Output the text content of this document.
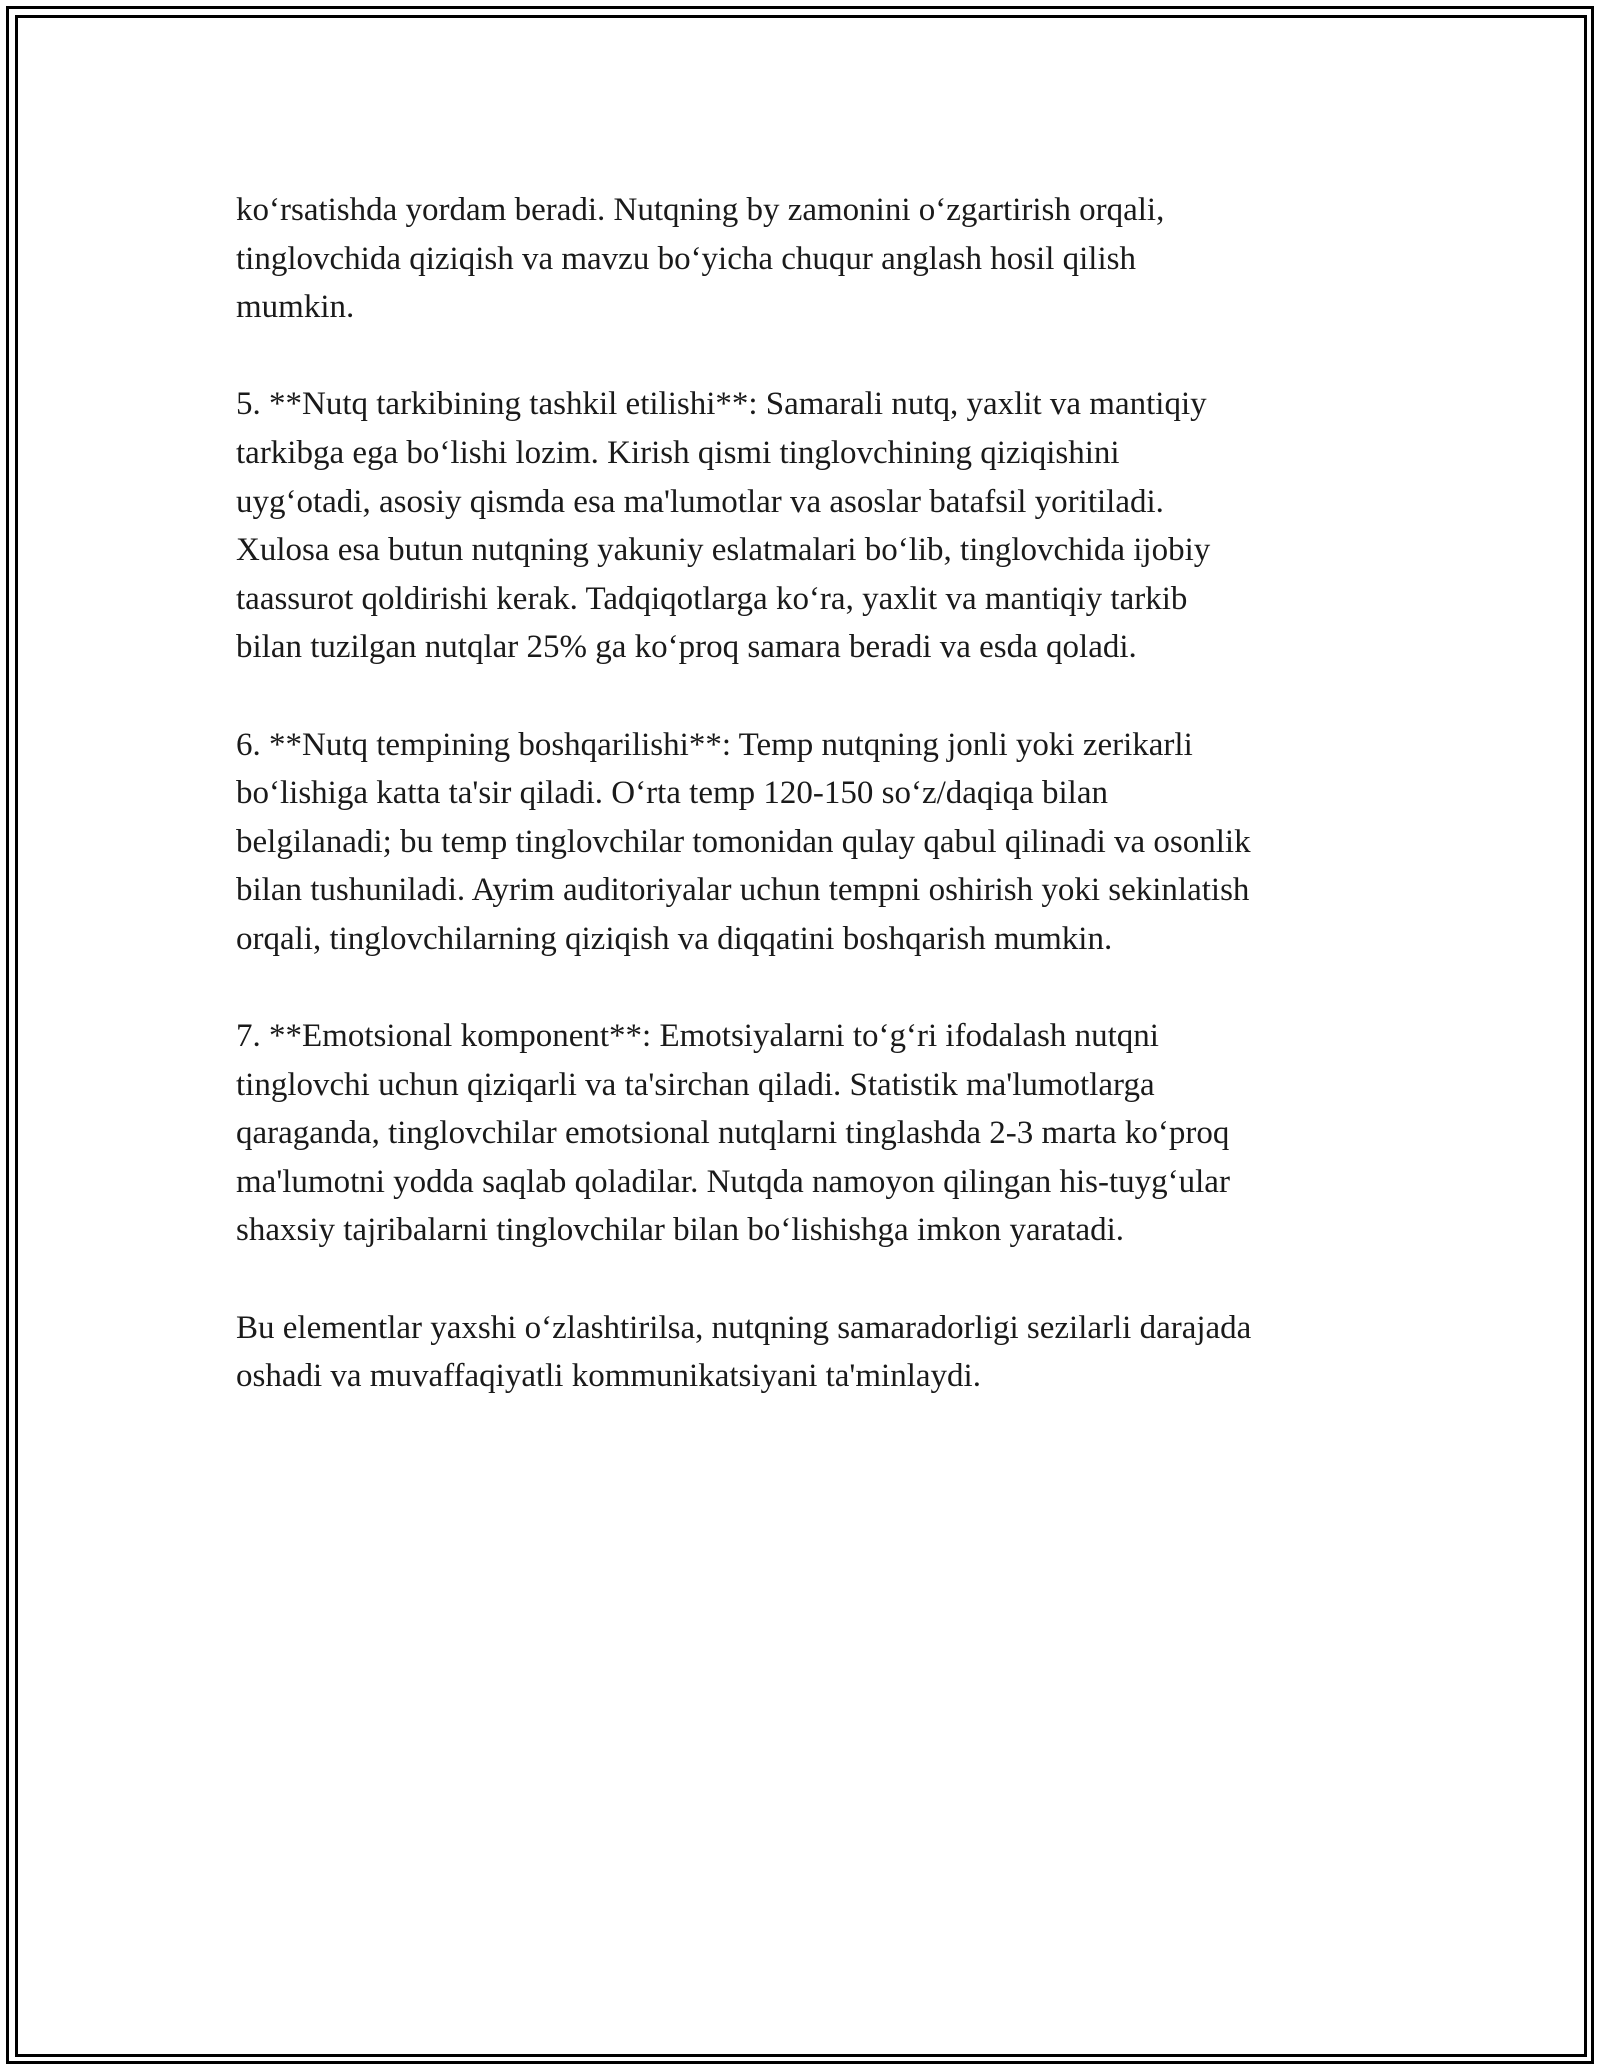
ko‘rsatishda yordam beradi. Nutqning by zamonini o‘zgartirish orqali,
tinglovchida qiziqish va mavzu bo‘yicha chuqur anglash hosil qilish
mumkin.

5. **Nutq tarkibining tashkil etilishi**: Samarali nutq, yaxlit va mantiqiy
tarkibga ega bo‘lishi lozim. Kirish qismi tinglovchining qiziqishini
uyg‘otadi, asosiy qismda esa ma'lumotlar va asoslar batafsil yoritiladi.
Xulosa esa butun nutqning yakuniy eslatmalari bo‘lib, tinglovchida ijobiy
taassurot qoldirishi kerak. Tadqiqotlarga ko‘ra, yaxlit va mantiqiy tarkib
bilan tuzilgan nutqlar 25% ga ko‘proq samara beradi va esda qoladi.

6. **Nutq tempining boshqarilishi**: Temp nutqning jonli yoki zerikarli
bo‘lishiga katta ta'sir qiladi. O‘rta temp 120-150 so‘z/daqiqa bilan
belgilanadi; bu temp tinglovchilar tomonidan qulay qabul qilinadi va osonlik
bilan tushuniladi. Ayrim auditoriyalar uchun tempni oshirish yoki sekinlatish
orqali, tinglovchilarning qiziqish va diqqatini boshqarish mumkin.

7. **Emotsional komponent**: Emotsiyalarni to‘g‘ri ifodalash nutqni
tinglovchi uchun qiziqarli va ta'sirchan qiladi. Statistik ma'lumotlarga
qaraganda, tinglovchilar emotsional nutqlarni tinglashda 2-3 marta ko‘proq
ma'lumotni yodda saqlab qoladilar. Nutqda namoyon qilingan his-tuyg‘ular
shaxsiy tajribalarni tinglovchilar bilan bo‘lishishga imkon yaratadi.

Bu elementlar yaxshi o‘zlashtirilsa, nutqning samaradorligi sezilarli darajada
oshadi va muvaffaqiyatli kommunikatsiyani ta'minlaydi.
